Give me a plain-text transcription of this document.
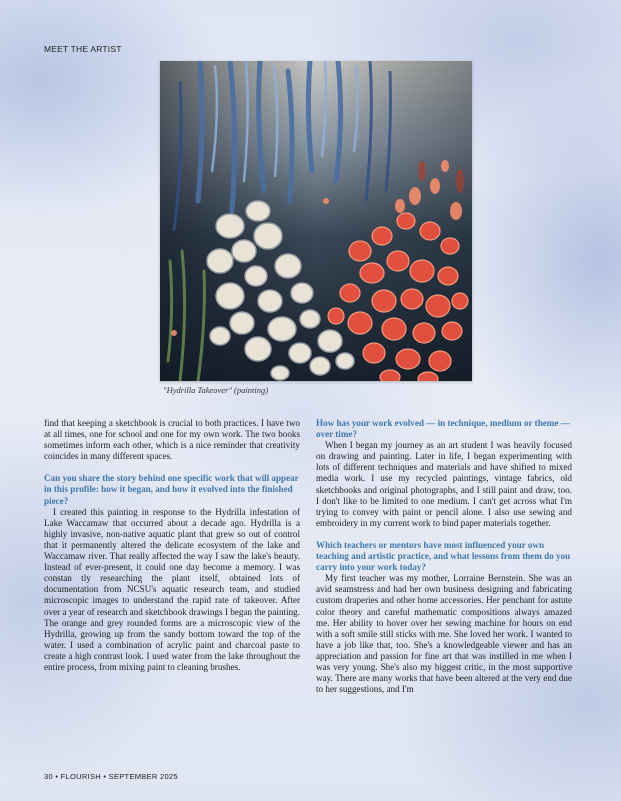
MEET THE ARTIST
"Hydrilla Takeover" (painting)

find that keeping a sketchbook is crucial to both practices. I have two at all times, one for school and one for my own work. The two books sometimes inform each other, which is a nice reminder that creativity coincides in many different spaces.

Can you share the story behind one specific work that will appear in this profile: how it began, and how it evolved into the finished piece?

I created this painting in response to the Hydrilla infestation of Lake Waccamaw that occurred about a decade ago. Hydrilla is a highly invasive, non-native aquatic plant that grew so out of control that it permanently altered the delicate ecosystem of the lake and Waccamaw river. That really affected the way I saw the lake's beauty. Instead of ever-present, it could one day become a memory. I was constan tly researching the plant itself, obtained lots of documentation from NCSU's aquatic research team, and studied microscopic images to understand the rapid rate of takeover. After over a year of research and sketchbook drawings I began the painting. The orange and grey rounded forms are a microscopic view of the Hydrilla, growing up from the sandy bottom toward the top of the water. I used a combination of acrylic paint and charcoal paste to create a high contrast look. I used water from the lake throughout the entire process, from mixing paint to cleaning brushes.

How has your work evolved — in technique, medium or theme — over time?

When I began my journey as an art student I was heavily focused on drawing and painting. Later in life, I began experimenting with lots of different techniques and materials and have shifted to mixed media work. I use my recycled paintings, vintage fabrics, old sketchbooks and original photographs, and I still paint and draw, too. I don't like to be limited to one medium. I can't get across what I'm trying to convey with paint or pencil alone. I also use sewing and embroidery in my current work to bind paper materials together.

Which teachers or mentors have most influenced your own teaching and artistic practice, and what lessons from them do you carry into your work today?

My first teacher was my mother, Lorraine Bernstein. She was an avid seamstress and had her own business designing and fabricating custom draperies and other home accessories. Her penchant for astute color theory and careful mathematic compositions always amazed me. Her ability to hover over her sewing machine for hours on end with a soft smile still sticks with me. She loved her work. I wanted to have a job like that, too. She's a knowledgeable viewer and has an appreciation and passion for fine art that was instilled in me when I was very young. She's also my biggest critic, in the most supportive way. There are many works that have been altered at the very end due to her suggestions, and I'm

30 • FLOURISH • SEPTEMBER 2025
